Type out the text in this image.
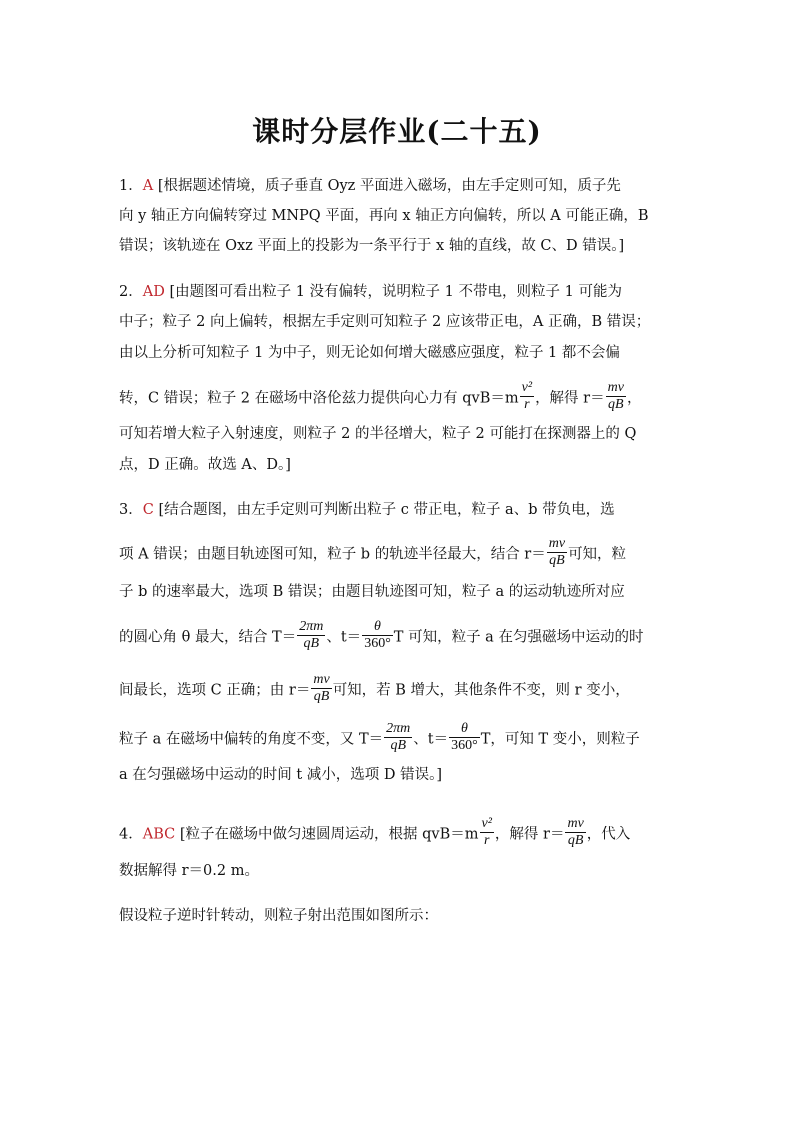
课时分层作业(二十五)
1．A [根据题述情境，质子垂直 Oyz 平面进入磁场，由左手定则可知，质子先
向 y 轴正方向偏转穿过 MNPQ 平面，再向 x 轴正方向偏转，所以 A 可能正确，B
错误；该轨迹在 Oxz 平面上的投影为一条平行于 x 轴的直线，故 C、D 错误。]
2．AD [由题图可看出粒子 1 没有偏转，说明粒子 1 不带电，则粒子 1 可能为
中子；粒子 2 向上偏转，根据左手定则可知粒子 2 应该带正电，A 正确，B 错误；
由以上分析可知粒子 1 为中子，则无论如何增大磁感应强度，粒子 1 都不会偏
转，C 错误；粒子 2 在磁场中洛伦兹力提供向心力有 $qvB=m \frac{\text{v²}}{r}$ ，解得 $r= \frac{mv}{qB}$ ，
可知若增大粒子入射速度，则粒子 2 的半径增大，粒子 2 可能打在探测器上的 Q
点，D 正确。故选 A、D。]
3．C [结合题图，由左手定则可判断出粒子 c 带正电，粒子 a、b 带负电，选
项 A 错误；由题目轨迹图可知，粒子 b 的轨迹半径最大，结合 $r= \frac{mv}{qB}$ 可知，粒
子 b 的速率最大，选项 B 错误；由题目轨迹图可知，粒子 a 的运动轨迹所对应
的圆心角 θ 最大，结合 $T= \frac{2\pi m}{qB}$ 、$t= \frac{\theta}{360^\circ}$ T 可知，粒子 a 在匀强磁场中运动的时
间最长，选项 C 正确；由 $r= \frac{mv}{qB}$ 可知，若 B 增大，其他条件不变，则 r 变小，
粒子 a 在磁场中偏转的角度不变，又 $T= \frac{2\pi m}{qB}$ 、$t= \frac{\theta}{360^\circ}$ T，可知 T 变小，则粒子
a 在匀强磁场中运动的时间 t 减小，选项 D 错误。]
4．ABC [粒子在磁场中做匀速圆周运动，根据 $qvB=m \frac{\text{v²}}{r}$ ，解得 $r= \frac{mv}{qB}$ ，代入
数据解得 r＝0.2 m。
假设粒子逆时针转动，则粒子射出范围如图所示：
